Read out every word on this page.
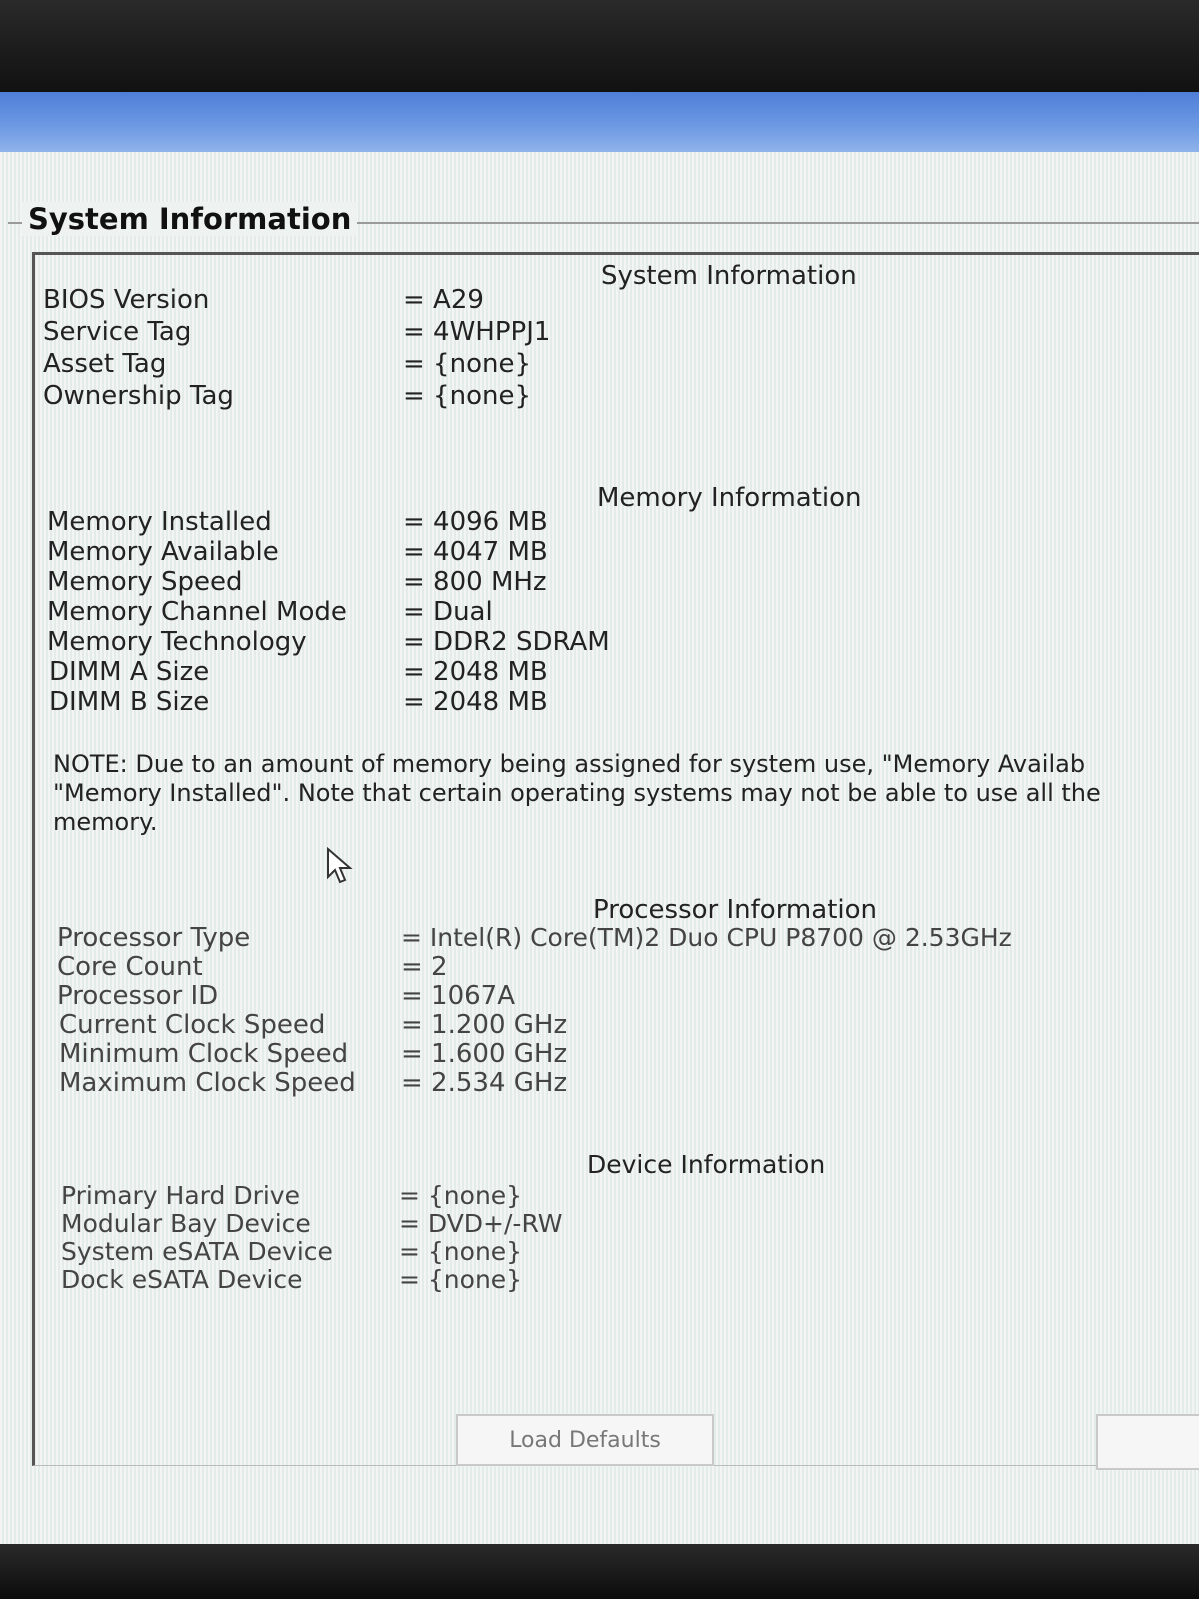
System Information
System Information
BIOS Version	= A29
Service Tag	= 4WHPPJ1
Asset Tag	= {none}
Ownership Tag	= {none}
Memory Information
Memory Installed	= 4096 MB
Memory Available	= 4047 MB
Memory Speed	= 800 MHz
Memory Channel Mode = Dual
Memory Technology	= DDR2 SDRAM
DIMM A Size	= 2048 MB
DIMM B Size	= 2048 MB
NOTE: Due to an amount of memory being assigned for system use, "Memory Availab "Memory Installed". Note that certain operating systems may not be able to use all the memory.
Processor Information
Processor Type	= Intel(R) Core(TM)2 Duo CPU P8700 @ 2.53GHz
Core Count	= 2
Processor ID	= 1067A
Current Clock Speed	= 1.200 GHz
Minimum Clock Speed = 1.600 GHz
Maximum Clock Speed = 2.534 GHz
Device Information
Primary Hard Drive	= {none}
Modular Bay Device	= DVD+/-RW
System eSATA Device	= {none}
Dock eSATA Device	= {none}
Load Defaults
